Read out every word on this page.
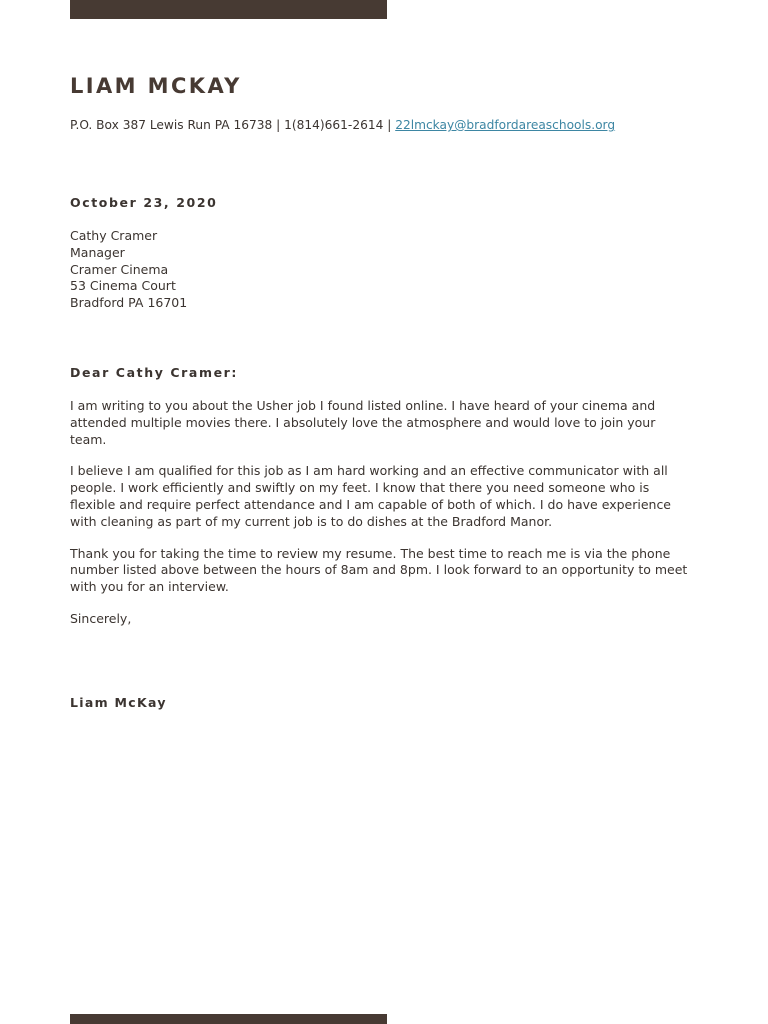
LIAM MCKAY
P.O. Box 387 Lewis Run PA 16738 | 1(814)661-2614 | 22lmckay@bradfordareaschools.org
October 23, 2020
Cathy Cramer
Manager
Cramer Cinema
53 Cinema Court
Bradford PA 16701
Dear Cathy Cramer:

I am writing to you about the Usher job I found listed online. I have heard of your cinema and attended multiple movies there. I absolutely love the atmosphere and would love to join your team.

I believe I am qualified for this job as I am hard working and an effective communicator with all people. I work efficiently and swiftly on my feet. I know that there you need someone who is flexible and require perfect attendance and I am capable of both of which. I do have experience with cleaning as part of my current job is to do dishes at the Bradford Manor.

Thank you for taking the time to review my resume. The best time to reach me is via the phone number listed above between the hours of 8am and 8pm. I look forward to an opportunity to meet with you for an interview.

Sincerely,

Liam McKay
